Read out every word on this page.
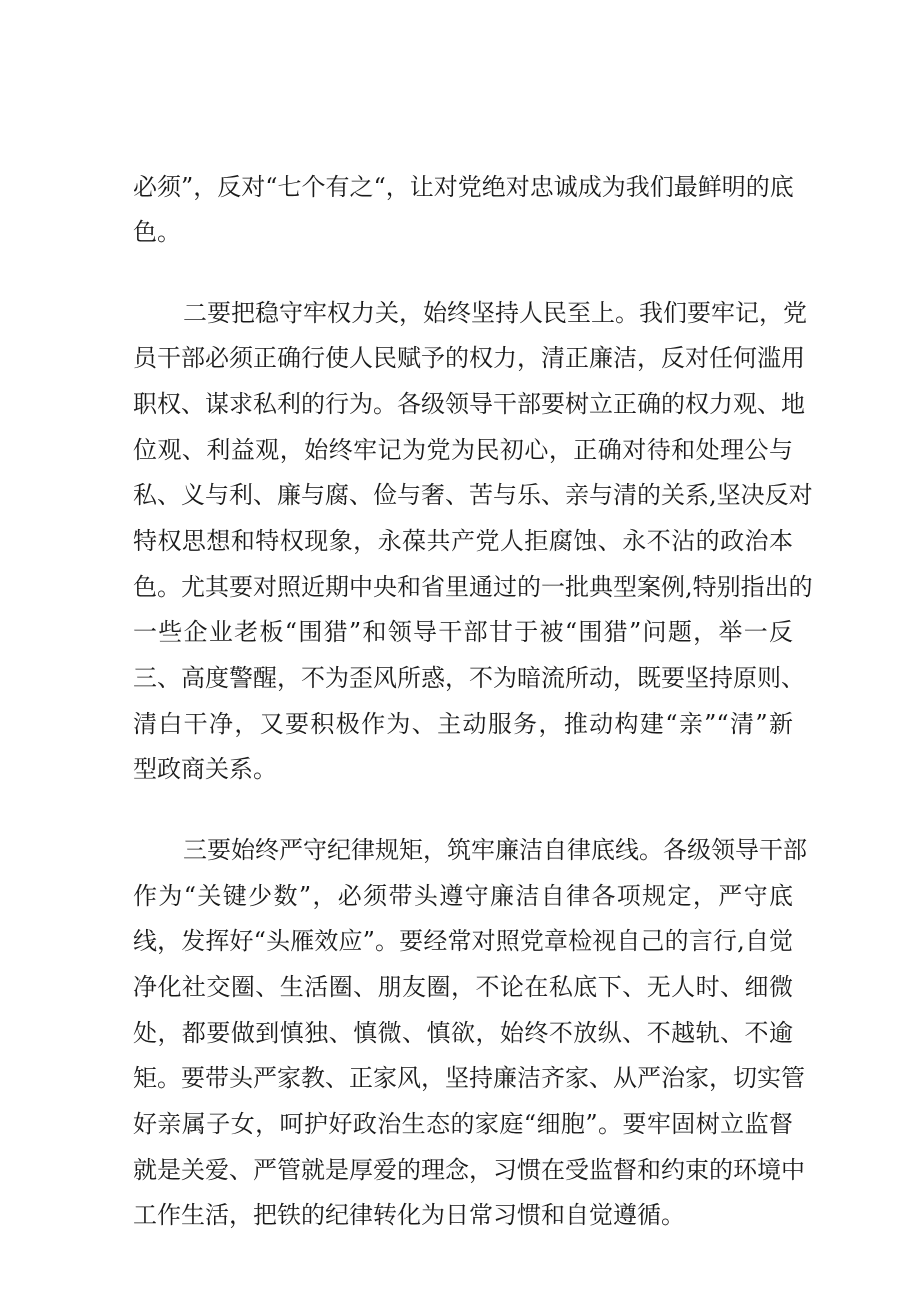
必须”，反对“七个有之“，让对党绝对忠诚成为我们最鲜明的底
色。
二要把稳守牢权力关，始终坚持人民至上。我们要牢记，党
员干部必须正确行使人民赋予的权力，清正廉洁，反对任何滥用
职权、谋求私利的行为。各级领导干部要树立正确的权力观、地
位观、利益观，始终牢记为党为民初心，正确对待和处理公与
私、义与利、廉与腐、俭与奢、苦与乐、亲与清的关系,坚决反对
特权思想和特权现象，永葆共产党人拒腐蚀、永不沾的政治本
色。尤其要对照近期中央和省里通过的一批典型案例,特别指出的
一些企业老板“围猎”和领导干部甘于被“围猎”问题，举一反
三、高度警醒，不为歪风所惑，不为暗流所动，既要坚持原则、
清白干净，又要积极作为、主动服务，推动构建“亲”“清”新
型政商关系。
三要始终严守纪律规矩，筑牢廉洁自律底线。各级领导干部
作为“关键少数”，必须带头遵守廉洁自律各项规定，严守底
线，发挥好“头雁效应”。要经常对照党章检视自己的言行,自觉
净化社交圈、生活圈、朋友圈，不论在私底下、无人时、细微
处，都要做到慎独、慎微、慎欲，始终不放纵、不越轨、不逾
矩。要带头严家教、正家风，坚持廉洁齐家、从严治家，切实管
好亲属子女，呵护好政治生态的家庭“细胞”。要牢固树立监督
就是关爱、严管就是厚爱的理念，习惯在受监督和约束的环境中
工作生活，把铁的纪律转化为日常习惯和自觉遵循。
